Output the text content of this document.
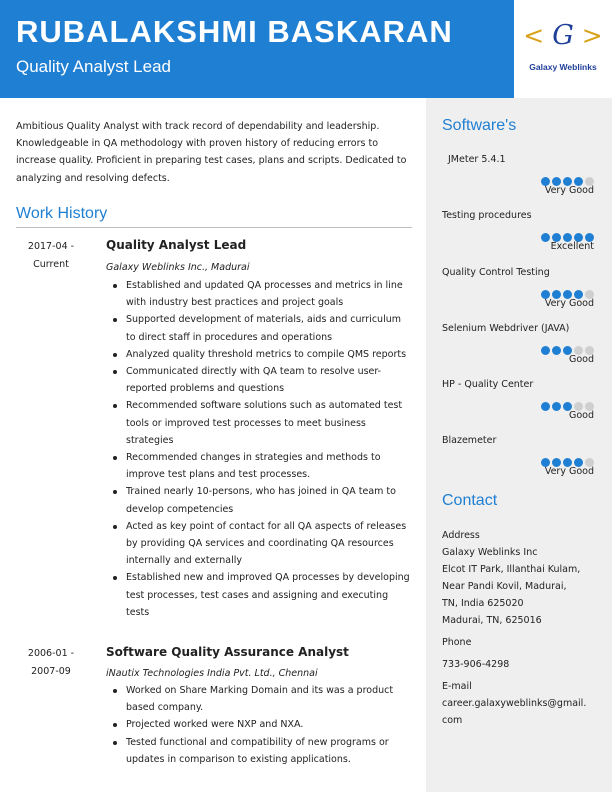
RUBALAKSHMI BASKARAN
Quality Analyst Lead
< G >
Galaxy Weblinks
Ambitious Quality Analyst with track record of dependability and leadership. Knowledgeable in QA methodology with proven history of reducing errors to increase quality. Proficient in preparing test cases, plans and scripts. Dedicated to analyzing and resolving defects.
Work History
2017-04 -
Current
Quality Analyst Lead
Galaxy Weblinks Inc., Madurai
Established and updated QA processes and metrics in line with industry best practices and project goals
Supported development of materials, aids and curriculum to direct staff in procedures and operations
Analyzed quality threshold metrics to compile QMS reports
Communicated directly with QA team to resolve user-reported problems and questions
Recommended software solutions such as automated test tools or improved test processes to meet business strategies
Recommended changes in strategies and methods to improve test plans and test processes.
Trained nearly 10-persons, who has joined in QA team to develop competencies
Acted as key point of contact for all QA aspects of releases by providing QA services and coordinating QA resources internally and externally
Established new and improved QA processes by developing test processes, test cases and assigning and executing tests
2006-01 -
2007-09
Software Quality Assurance Analyst
iNautix Technologies India Pvt. Ltd., Chennai
Worked on Share Marking Domain and its was a product based company.
Projected worked were NXP and NXA.
Tested functional and compatibility of new programs or updates in comparison to existing applications.
Software's
JMeter 5.4.1
Very Good
Testing procedures
Excellent
Quality Control Testing
Very Good
Selenium Webdriver (JAVA)
Good
HP - Quality Center
Good
Blazemeter
Very Good
Contact
Address
Galaxy Weblinks Inc
Elcot IT Park, Illanthai Kulam,
Near Pandi Kovil, Madurai,
TN, India 625020
Madurai, TN, 625016
Phone
733-906-4298
E-mail
career.galaxyweblinks@gmail.
com
